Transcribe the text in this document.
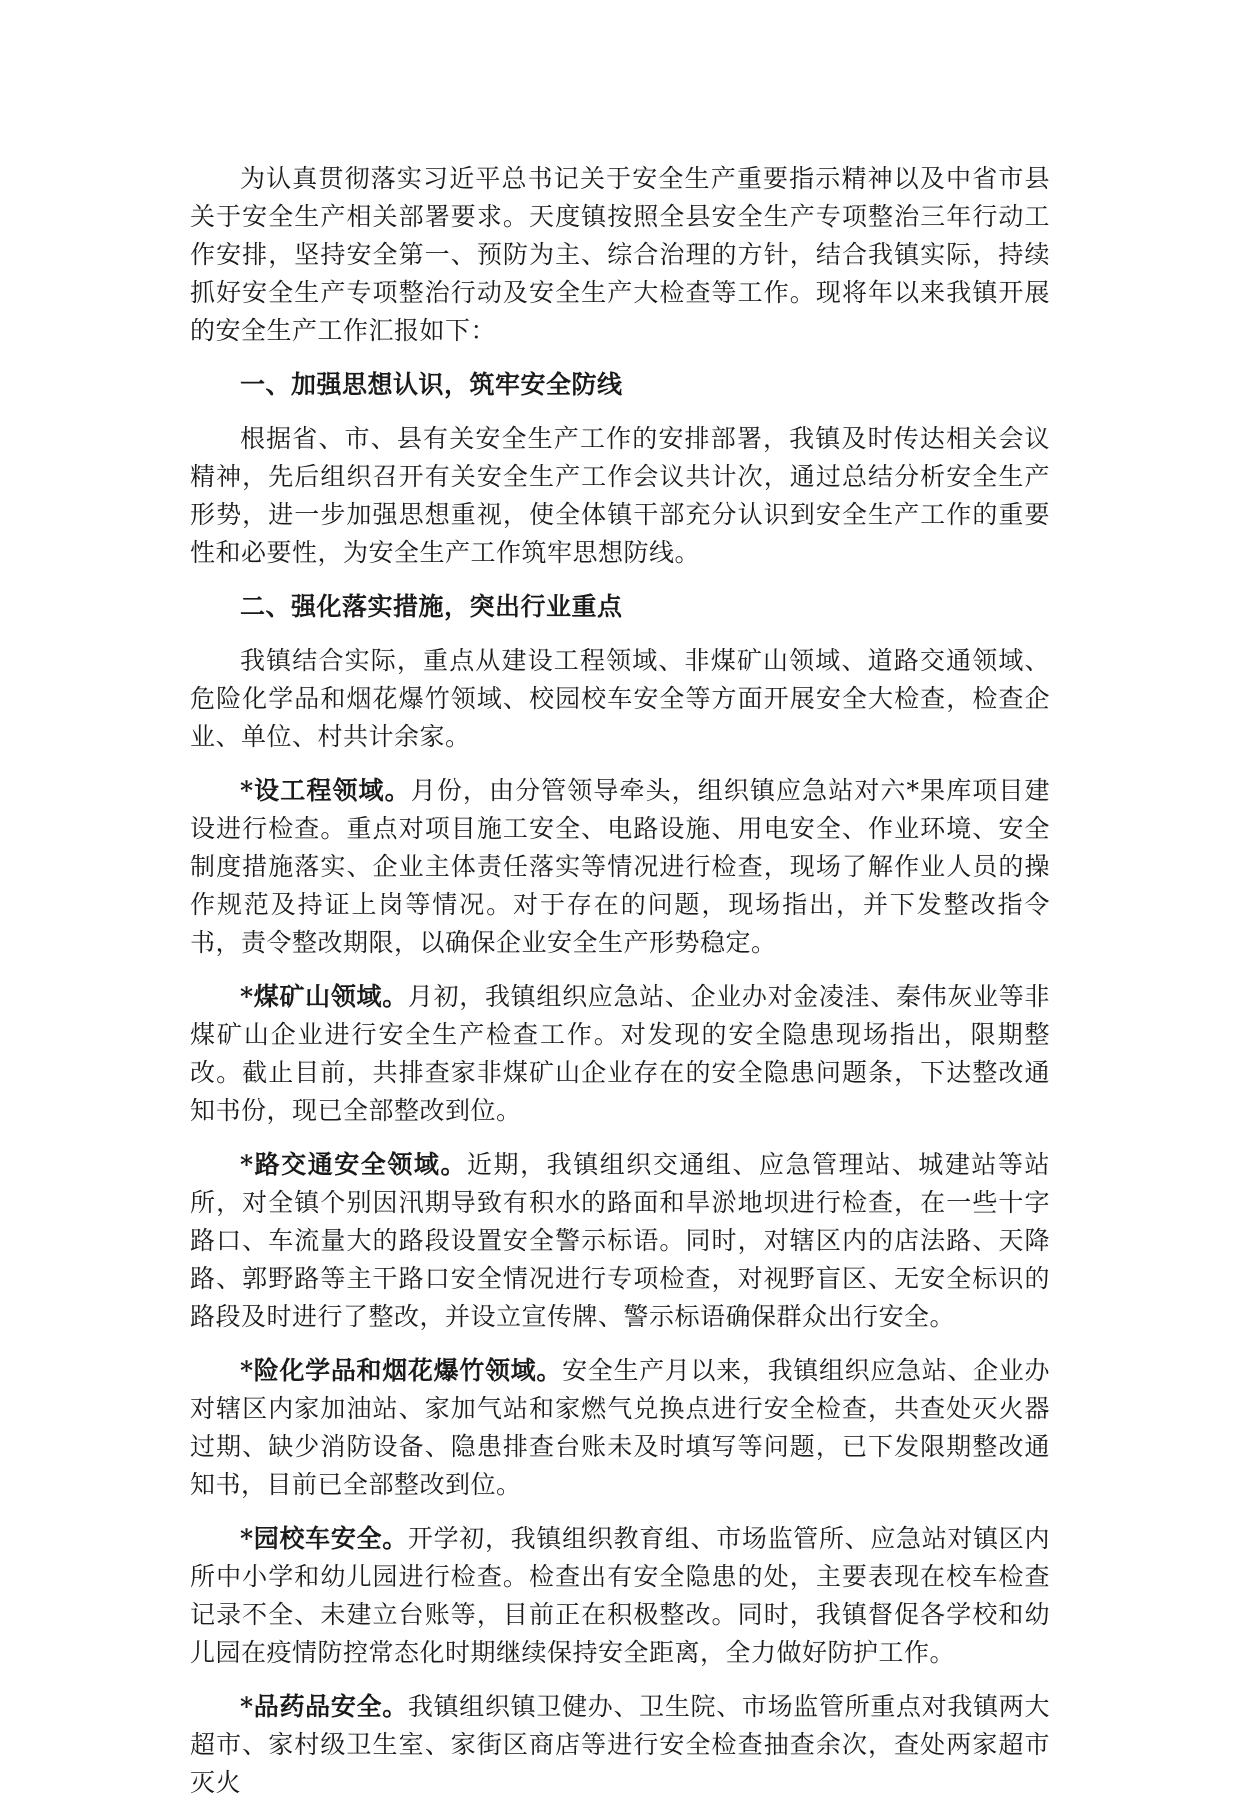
为认真贯彻落实习近平总书记关于安全生产重要指示精神以及中省市县关于安全生产相关部署要求。天度镇按照全县安全生产专项整治三年行动工作安排，坚持安全第一、预防为主、综合治理的方针，结合我镇实际，持续抓好安全生产专项整治行动及安全生产大检查等工作。现将年以来我镇开展的安全生产工作汇报如下：

一、加强思想认识，筑牢安全防线

根据省、市、县有关安全生产工作的安排部署，我镇及时传达相关会议精神，先后组织召开有关安全生产工作会议共计次，通过总结分析安全生产形势，进一步加强思想重视，使全体镇干部充分认识到安全生产工作的重要性和必要性，为安全生产工作筑牢思想防线。

二、强化落实措施，突出行业重点

我镇结合实际，重点从建设工程领域、非煤矿山领域、道路交通领域、危险化学品和烟花爆竹领域、校园校车安全等方面开展安全大检查，检查企业、单位、村共计余家。

*设工程领域。月份，由分管领导牵头，组织镇应急站对六*果库项目建设进行检查。重点对项目施工安全、电路设施、用电安全、作业环境、安全制度措施落实、企业主体责任落实等情况进行检查，现场了解作业人员的操作规范及持证上岗等情况。对于存在的问题，现场指出，并下发整改指令书，责令整改期限，以确保企业安全生产形势稳定。

*煤矿山领域。月初，我镇组织应急站、企业办对金凌洼、秦伟灰业等非煤矿山企业进行安全生产检查工作。对发现的安全隐患现场指出，限期整改。截止目前，共排查家非煤矿山企业存在的安全隐患问题条，下达整改通知书份，现已全部整改到位。

*路交通安全领域。近期，我镇组织交通组、应急管理站、城建站等站所，对全镇个别因汛期导致有积水的路面和旱淤地坝进行检查，在一些十字路口、车流量大的路段设置安全警示标语。同时，对辖区内的店法路、天降路、郭野路等主干路口安全情况进行专项检查，对视野盲区、无安全标识的路段及时进行了整改，并设立宣传牌、警示标语确保群众出行安全。

*险化学品和烟花爆竹领域。安全生产月以来，我镇组织应急站、企业办对辖区内家加油站、家加气站和家燃气兑换点进行安全检查，共查处灭火器过期、缺少消防设备、隐患排查台账未及时填写等问题，已下发限期整改通知书，目前已全部整改到位。

*园校车安全。开学初，我镇组织教育组、市场监管所、应急站对镇区内所中小学和幼儿园进行检查。检查出有安全隐患的处，主要表现在校车检查记录不全、未建立台账等，目前正在积极整改。同时，我镇督促各学校和幼儿园在疫情防控常态化时期继续保持安全距离，全力做好防护工作。

*品药品安全。我镇组织镇卫健办、卫生院、市场监管所重点对我镇两大超市、家村级卫生室、家街区商店等进行安全检查抽查余次，查处两家超市灭火
